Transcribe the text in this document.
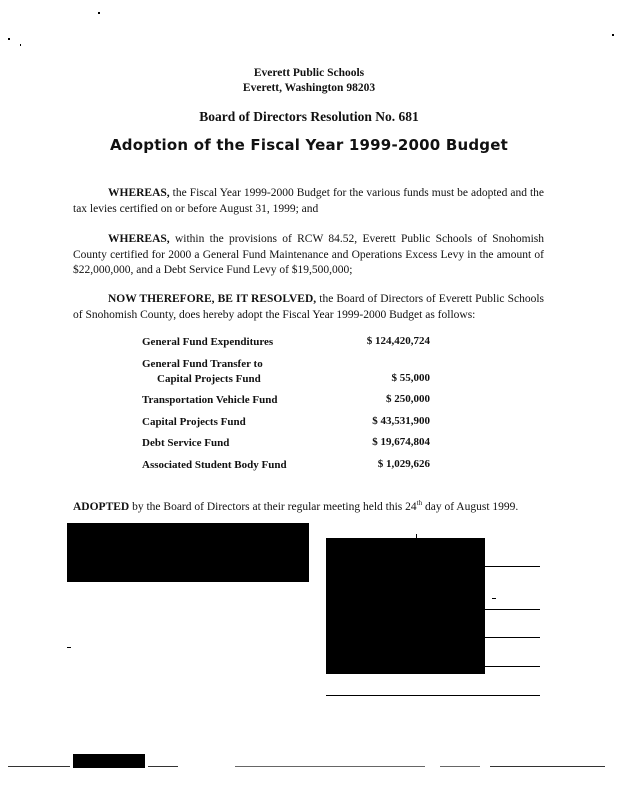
Everett Public Schools
Everett, Washington 98203
Board of Directors Resolution No. 681
Adoption of the Fiscal Year 1999-2000 Budget
WHEREAS, the Fiscal Year 1999-2000 Budget for the various funds must be adopted and the tax levies certified on or before August 31, 1999; and
WHEREAS, within the provisions of RCW 84.52, Everett Public Schools of Snohomish County certified for 2000 a General Fund Maintenance and Operations Excess Levy in the amount of $22,000,000, and a Debt Service Fund Levy of $19,500,000;
NOW THEREFORE, BE IT RESOLVED, the Board of Directors of Everett Public Schools of Snohomish County, does hereby adopt the Fiscal Year 1999-2000 Budget as follows:
General Fund Expenditures	$ 124,420,724
General Fund Transfer to
Capital Projects Fund	$ 55,000
Transportation Vehicle Fund	$ 250,000
Capital Projects Fund	$ 43,531,900
Debt Service Fund	$ 19,674,804
Associated Student Body Fund	$ 1,029,626
ADOPTED by the Board of Directors at their regular meeting held this 24th day of August 1999.
